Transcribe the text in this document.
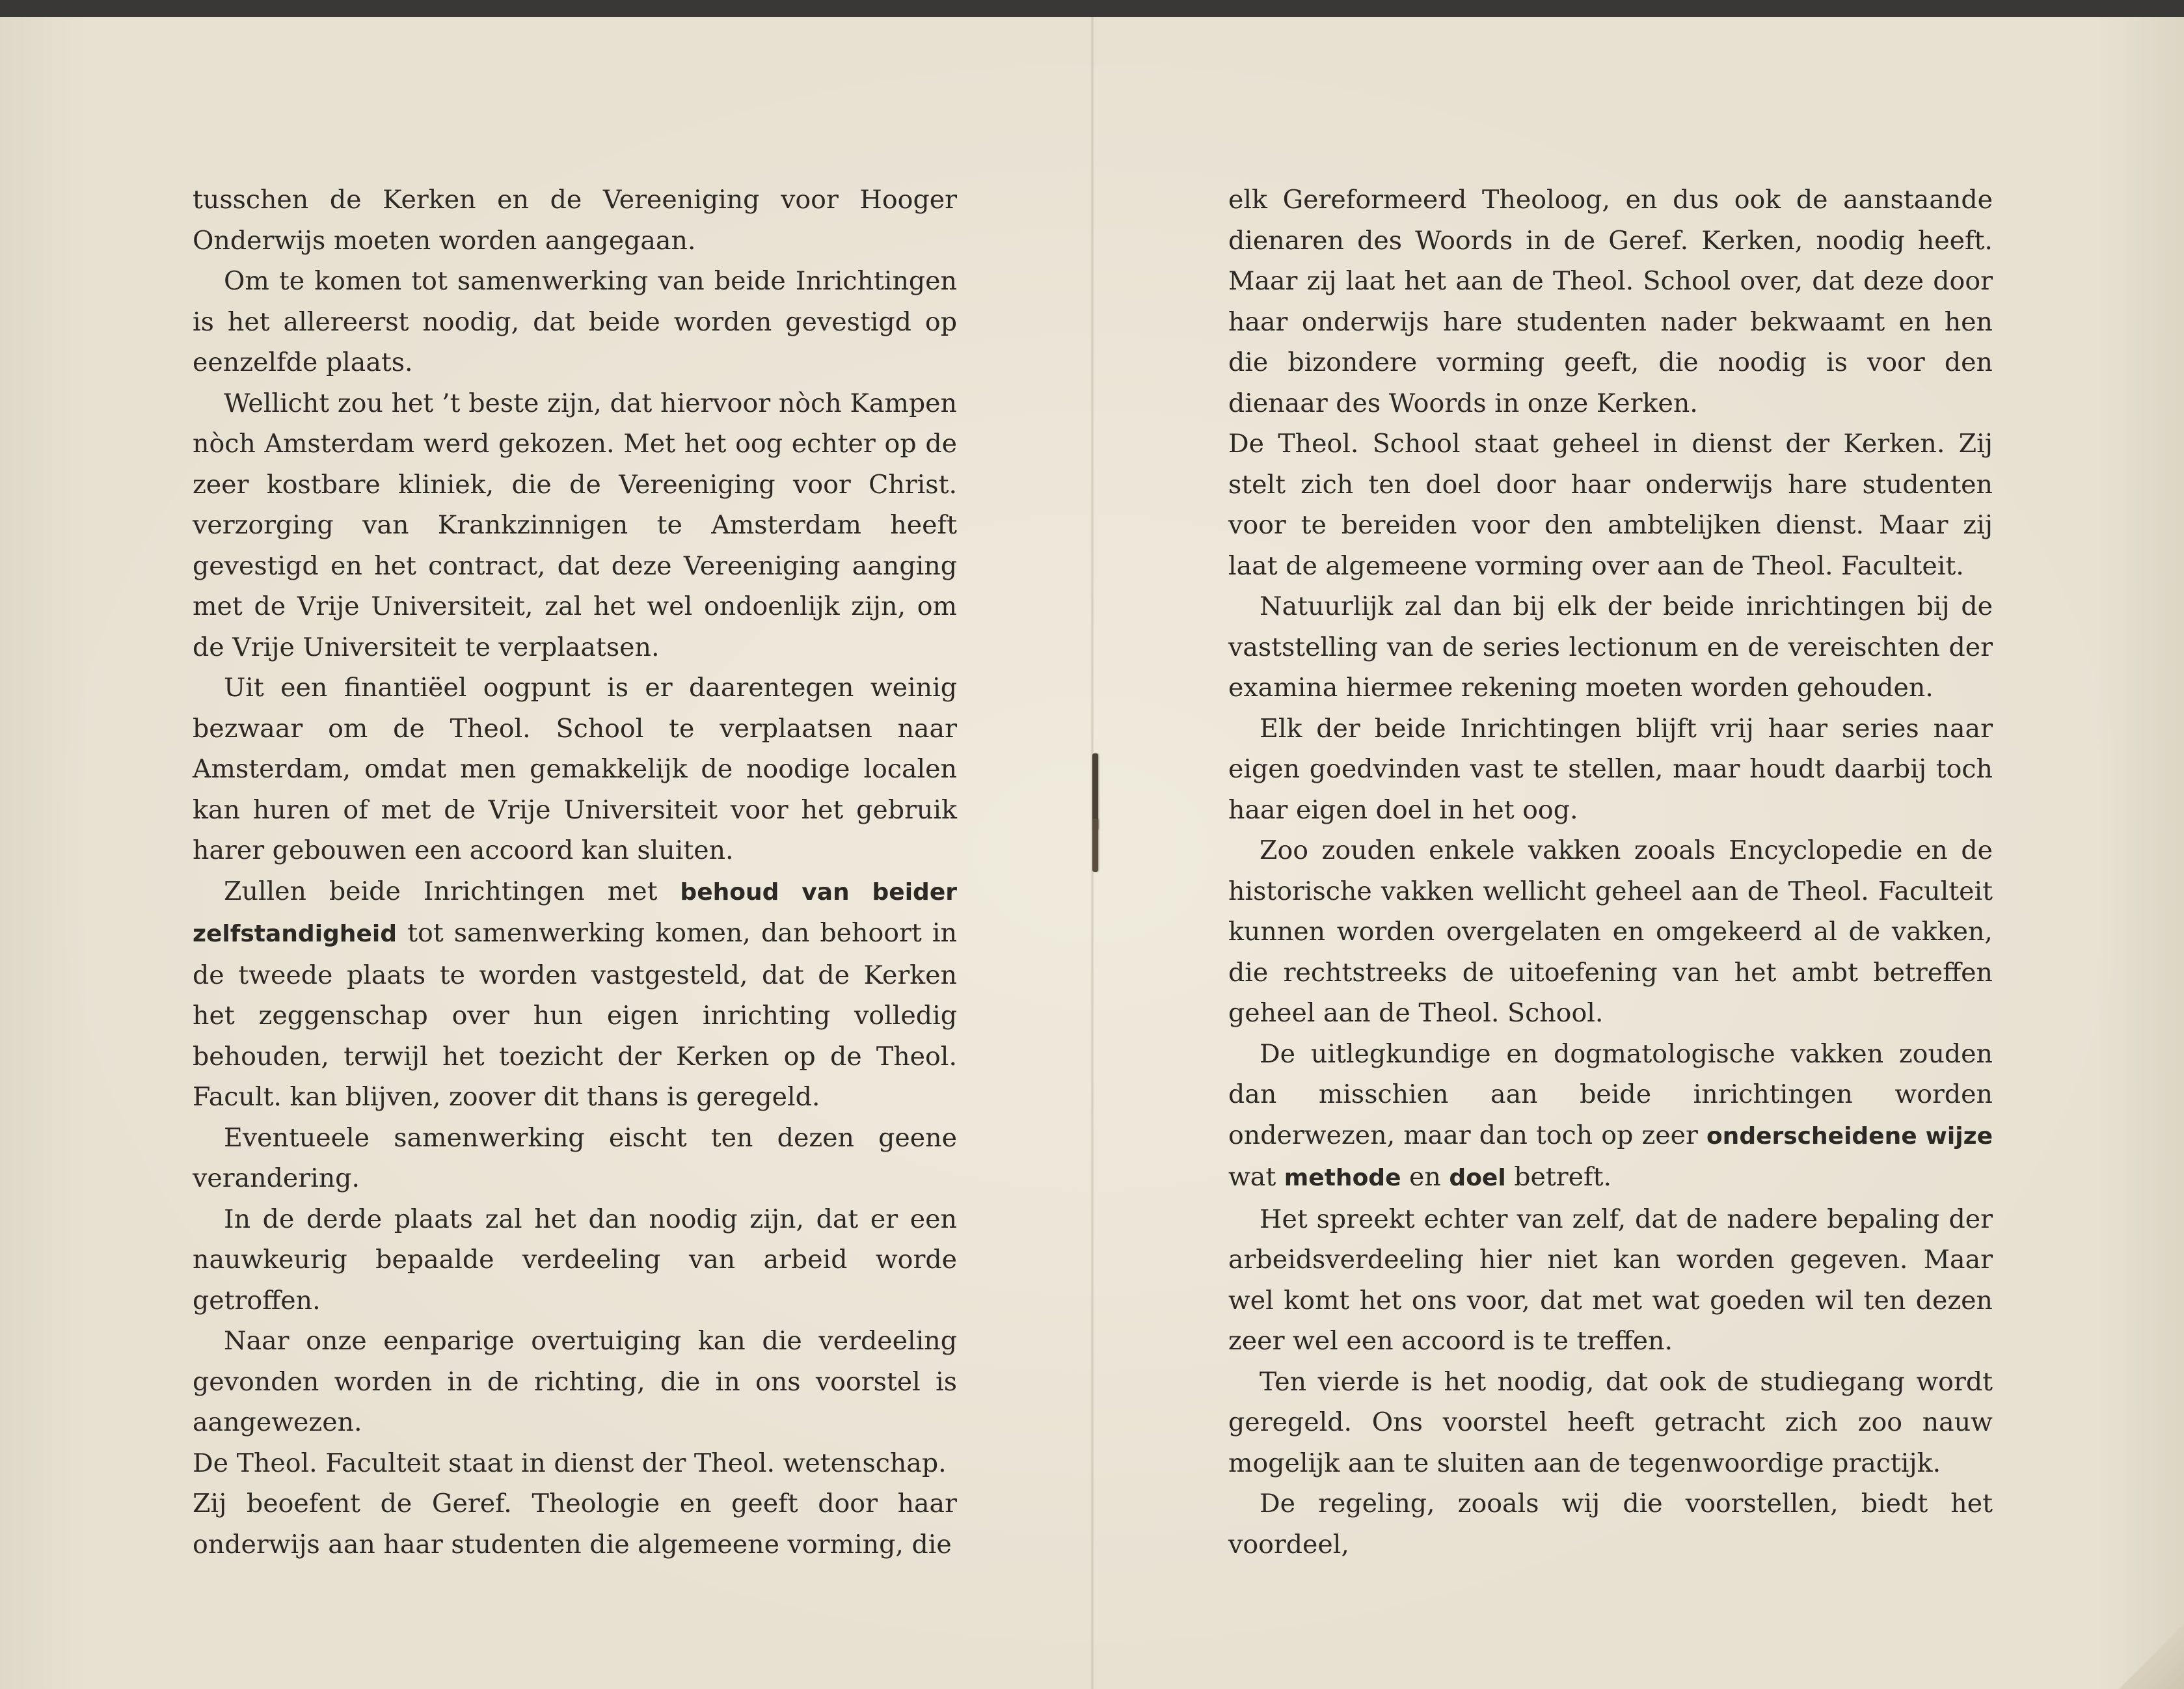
tusschen de Kerken en de Vereeniging voor Hooger Onderwijs moeten worden aangegaan.

Om te komen tot samenwerking van beide Inrichtingen is het allereerst noodig, dat beide worden gevestigd op eenzelfde plaats.

Wellicht zou het ’t beste zijn, dat hiervoor nòch Kampen nòch Amsterdam werd gekozen. Met het oog echter op de zeer kostbare kliniek, die de Vereeniging voor Christ. verzorging van Krankzinnigen te Amsterdam heeft gevestigd en het contract, dat deze Vereeniging aanging met de Vrije Universiteit, zal het wel ondoenlijk zijn, om de Vrije Universiteit te verplaatsen.

Uit een finantiëel oogpunt is er daarentegen weinig bezwaar om de Theol. School te verplaatsen naar Amsterdam, omdat men gemakkelijk de noodige localen kan huren of met de Vrije Universiteit voor het gebruik harer gebouwen een accoord kan sluiten.

Zullen beide Inrichtingen met behoud van beider zelfstandigheid tot samenwerking komen, dan behoort in de tweede plaats te worden vastgesteld, dat de Kerken het zeggenschap over hun eigen inrichting volledig behouden, terwijl het toezicht der Kerken op de Theol. Facult. kan blijven, zoover dit thans is geregeld.

Eventueele samenwerking eischt ten dezen geene verandering.

In de derde plaats zal het dan noodig zijn, dat er een nauwkeurig bepaalde verdeeling van arbeid worde getroffen.

Naar onze eenparige overtuiging kan die verdeeling gevonden worden in de richting, die in ons voorstel is aangewezen.

De Theol. Faculteit staat in dienst der Theol. wetenschap.

Zij beoefent de Geref. Theologie en geeft door haar onderwijs aan haar studenten die algemeene vorming, die

elk Gereformeerd Theoloog, en dus ook de aanstaande dienaren des Woords in de Geref. Kerken, noodig heeft. Maar zij laat het aan de Theol. School over, dat deze door haar onderwijs hare studenten nader bekwaamt en hen die bizondere vorming geeft, die noodig is voor den dienaar des Woords in onze Kerken.

De Theol. School staat geheel in dienst der Kerken. Zij stelt zich ten doel door haar onderwijs hare studenten voor te bereiden voor den ambtelijken dienst. Maar zij laat de algemeene vorming over aan de Theol. Faculteit.

Natuurlijk zal dan bij elk der beide inrichtingen bij de vaststelling van de series lectionum en de vereischten der examina hiermee rekening moeten worden gehouden.

Elk der beide Inrichtingen blijft vrij haar series naar eigen goedvinden vast te stellen, maar houdt daarbij toch haar eigen doel in het oog.

Zoo zouden enkele vakken zooals Encyclopedie en de historische vakken wellicht geheel aan de Theol. Faculteit kunnen worden overgelaten en omgekeerd al de vakken, die rechtstreeks de uitoefening van het ambt betreffen geheel aan de Theol. School.

De uitlegkundige en dogmatologische vakken zouden dan misschien aan beide inrichtingen worden onderwezen, maar dan toch op zeer onderscheidene wijze wat methode en doel betreft.

Het spreekt echter van zelf, dat de nadere bepaling der arbeidsverdeeling hier niet kan worden gegeven. Maar wel komt het ons voor, dat met wat goeden wil ten dezen zeer wel een accoord is te treffen.

Ten vierde is het noodig, dat ook de studiegang wordt geregeld. Ons voorstel heeft getracht zich zoo nauw mogelijk aan te sluiten aan de tegenwoordige practijk.

De regeling, zooals wij die voorstellen, biedt het voordeel,
